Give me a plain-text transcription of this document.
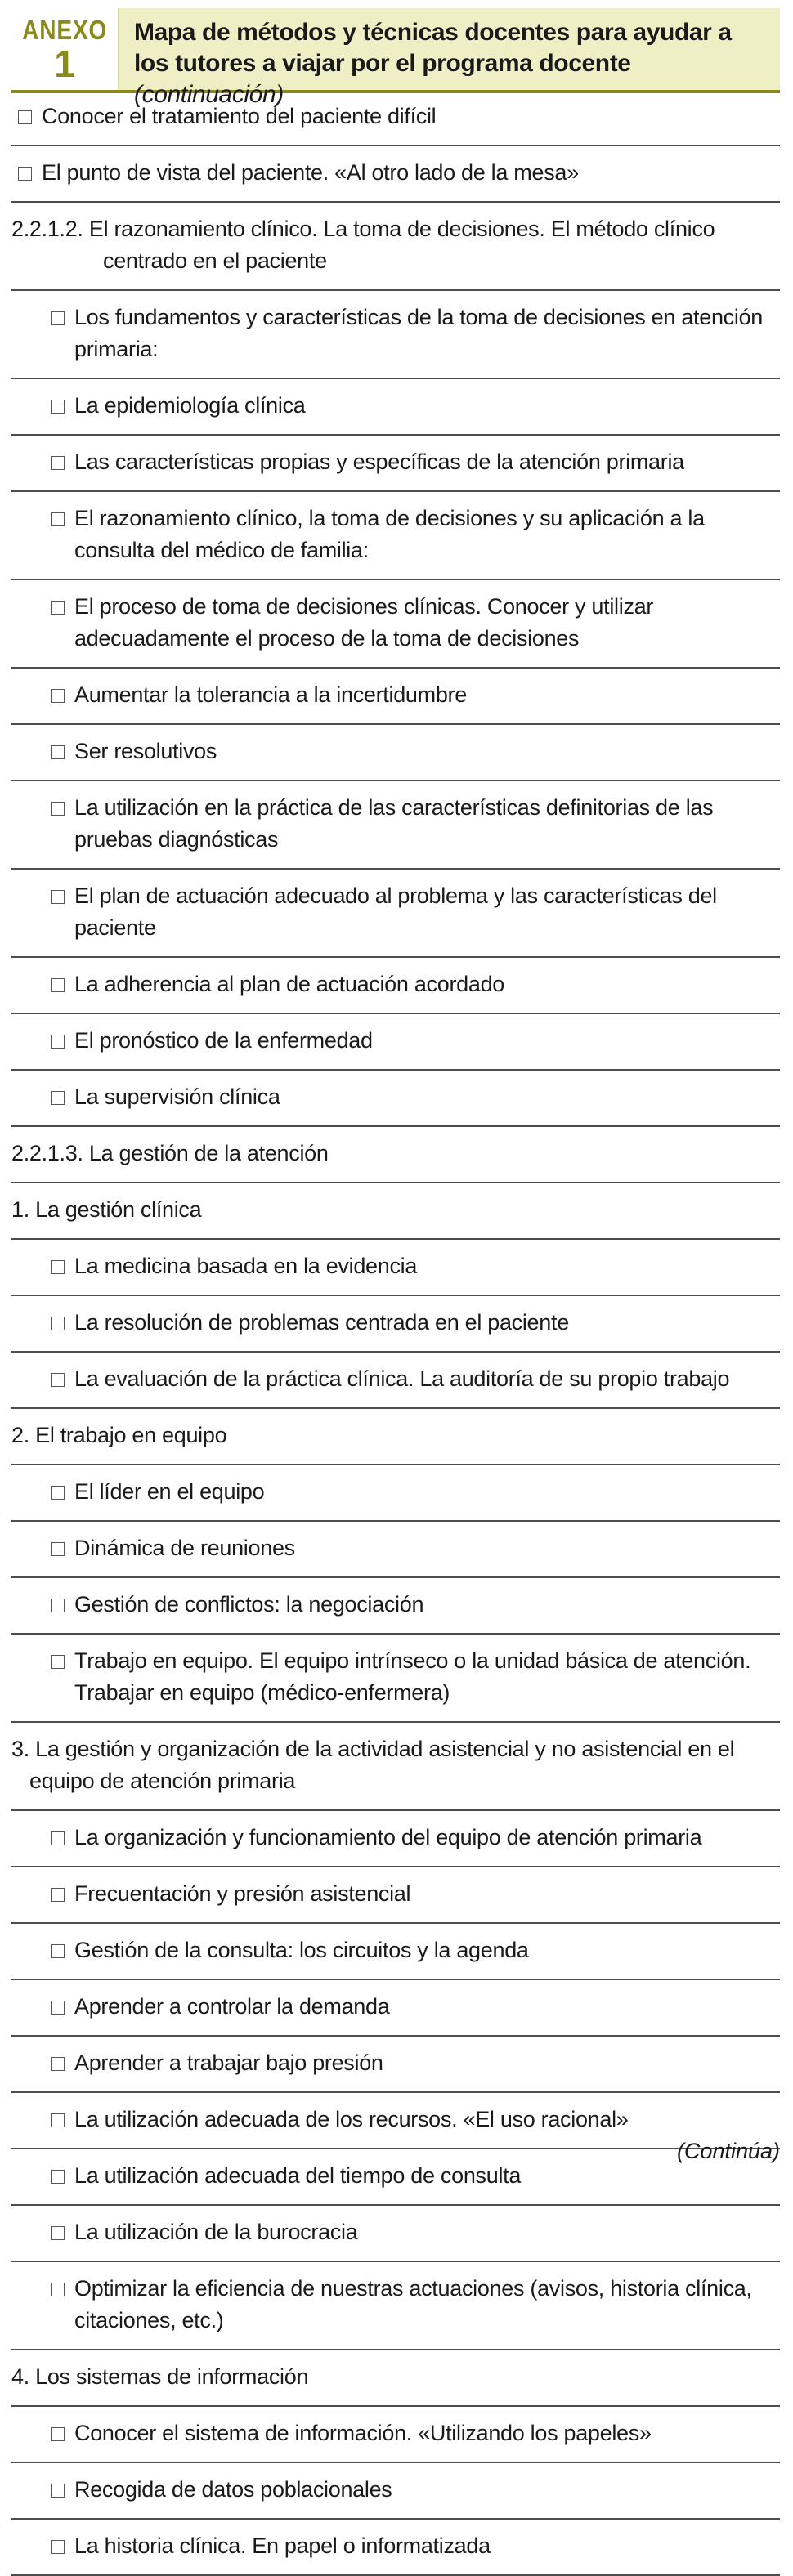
ANEXO
1
Mapa de métodos y técnicas docentes para ayudar a los tutores a viajar por el programa docente (continuación)
Conocer el tratamiento del paciente difícil
El punto de vista del paciente. «Al otro lado de la mesa»
2.2.1.2. El razonamiento clínico. La toma de decisiones. El método clínico centrado en el paciente
Los fundamentos y características de la toma de decisiones en atención primaria:
La epidemiología clínica
Las características propias y específicas de la atención primaria
El razonamiento clínico, la toma de decisiones y su aplicación a la consulta del médico de familia:
El proceso de toma de decisiones clínicas. Conocer y utilizar adecuadamente el proceso de la toma de decisiones
Aumentar la tolerancia a la incertidumbre
Ser resolutivos
La utilización en la práctica de las características definitorias de las pruebas diagnósticas
El plan de actuación adecuado al problema y las características del paciente
La adherencia al plan de actuación acordado
El pronóstico de la enfermedad
La supervisión clínica
2.2.1.3. La gestión de la atención
1. La gestión clínica
La medicina basada en la evidencia
La resolución de problemas centrada en el paciente
La evaluación de la práctica clínica. La auditoría de su propio trabajo
2. El trabajo en equipo
El líder en el equipo
Dinámica de reuniones
Gestión de conflictos: la negociación
Trabajo en equipo. El equipo intrínseco o la unidad básica de atención. Trabajar en equipo (médico-enfermera)
3. La gestión y organización de la actividad asistencial y no asistencial en el equipo de atención primaria
La organización y funcionamiento del equipo de atención primaria
Frecuentación y presión asistencial
Gestión de la consulta: los circuitos y la agenda
Aprender a controlar la demanda
Aprender a trabajar bajo presión
La utilización adecuada de los recursos. «El uso racional»
La utilización adecuada del tiempo de consulta
La utilización de la burocracia
Optimizar la eficiencia de nuestras actuaciones (avisos, historia clínica, citaciones, etc.)
4. Los sistemas de información
Conocer el sistema de información. «Utilizando los papeles»
Recogida de datos poblacionales
La historia clínica. En papel o informatizada
(Continúa)
